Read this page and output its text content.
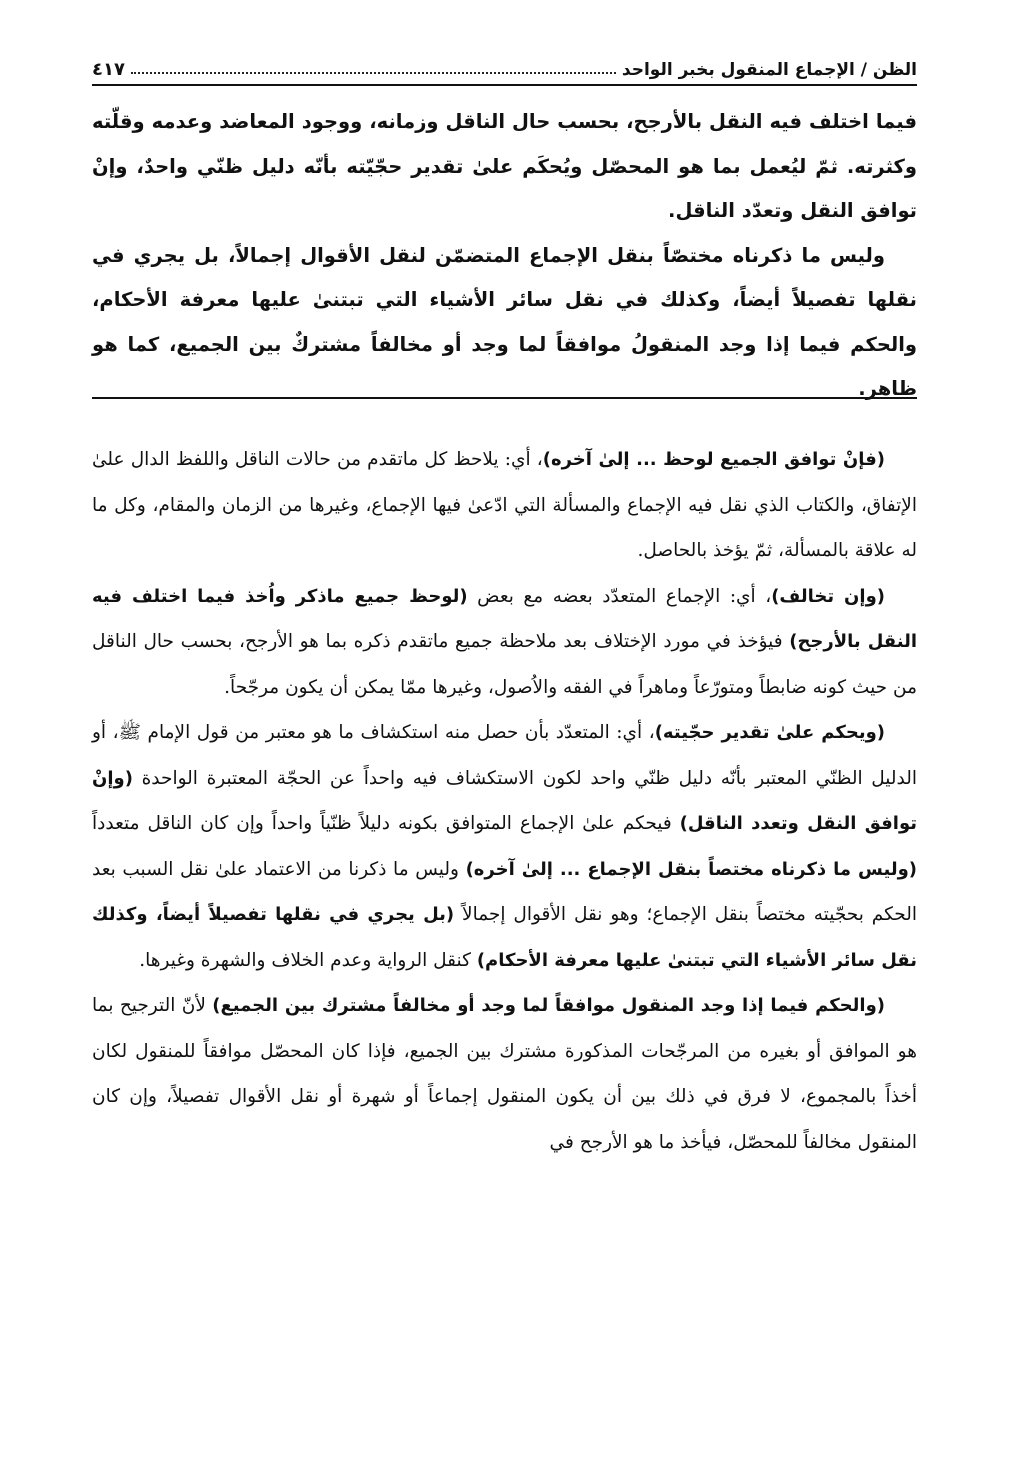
الظن / الإجماع المنقول بخبر الواحد
٤١٧

فيما اختلف فيه النقل بالأرجح، بحسب حال الناقل وزمانه، ووجود المعاضد وعدمه وقلّته وكثرته. ثمّ ليُعمل بما هو المحصّل ويُحكَم علىٰ تقدير حجّيّته بأنّه دليل ظنّي واحدٌ، وإنْ توافق النقل وتعدّد الناقل.

وليس ما ذكرناه مختصّاً بنقل الإجماع المتضمّن لنقل الأقوال إجمالاً، بل يجري في نقلها تفصيلاً أيضاً، وكذلك في نقل سائر الأشياء التي تبتنىٰ عليها معرفة الأحكام، والحكم فيما إذا وجد المنقولُ موافقاً لما وجد أو مخالفاً مشتركٌ بين الجميع، كما هو ظاهر.

(فإنْ توافق الجميع لوحظ ... إلىٰ آخره)، أي: يلاحظ كل ماتقدم من حالات الناقل واللفظ الدال علىٰ الإتفاق، والكتاب الذي نقل فيه الإجماع والمسألة التي ادّعىٰ فيها الإجماع، وغيرها من الزمان والمقام، وكل ما له علاقة بالمسألة، ثمّ يؤخذ بالحاصل.

(وإن تخالف)، أي: الإجماع المتعدّد بعضه مع بعض (لوحظ جميع ماذكر واُخذ فيما اختلف فيه النقل بالأرجح) فيؤخذ في مورد الإختلاف بعد ملاحظة جميع ماتقدم ذكره بما هو الأرجح، بحسب حال الناقل من حيث كونه ضابطاً ومتورّعاً وماهراً في الفقه والاُصول، وغيرها ممّا يمكن أن يكون مرجّحاً.

(ويحكم علىٰ تقدير حجّيته)، أي: المتعدّد بأن حصل منه استكشاف ما هو معتبر من قول الإمام ﷺ، أو الدليل الظنّي المعتبر بأنّه دليل ظنّي واحد لكون الاستكشاف فيه واحداً عن الحجّة المعتبرة الواحدة (وإنْ توافق النقل وتعدد الناقل) فيحكم علىٰ الإجماع المتوافق بكونه دليلاً ظنّياً واحداً وإن كان الناقل متعدداً (وليس ما ذكرناه مختصاً بنقل الإجماع ... إلىٰ آخره) وليس ما ذكرنا من الاعتماد علىٰ نقل السبب بعد الحكم بحجّيته مختصاً بنقل الإجماع؛ وهو نقل الأقوال إجمالاً (بل يجري في نقلها تفصيلاً أيضاً، وكذلك نقل سائر الأشياء التي تبتنىٰ عليها معرفة الأحكام) كنقل الرواية وعدم الخلاف والشهرة وغيرها.

(والحكم فيما إذا وجد المنقول موافقاً لما وجد أو مخالفاً مشترك بين الجميع) لأنّ الترجيح بما هو الموافق أو بغيره من المرجّحات المذكورة مشترك بين الجميع، فإذا كان المحصّل موافقاً للمنقول لكان أخذاً بالمجموع، لا فرق في ذلك بين أن يكون المنقول إجماعاً أو شهرة أو نقل الأقوال تفصيلاً، وإن كان المنقول مخالفاً للمحصّل، فيأخذ ما هو الأرجح في
